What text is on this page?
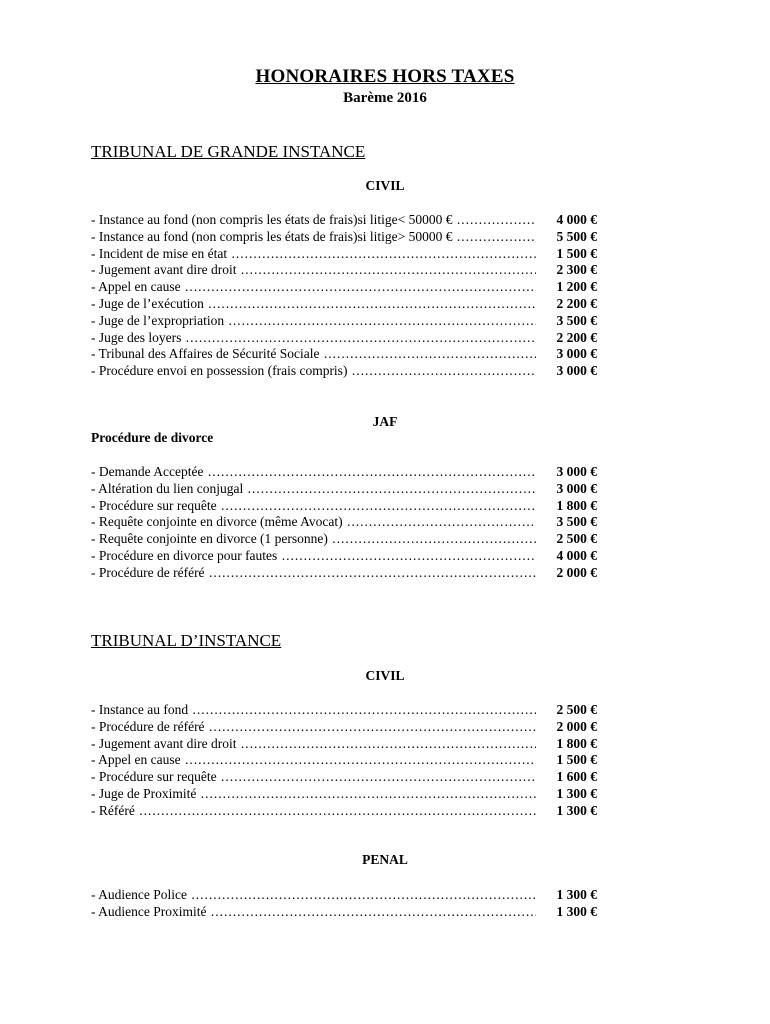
HONORAIRES HORS TAXES
Barème 2016
TRIBUNAL DE GRANDE INSTANCE
CIVIL
- Instance au fond (non compris les états de frais)si litige< 50000 € .....	4 000 €
- Instance au fond (non compris les états de frais)si litige> 50000 € .....	5 500 €
- Incident de mise en état .....	1 500 €
- Jugement avant dire droit .....	2 300 €
- Appel en cause .....	1 200 €
- Juge de l’exécution .....	2 200 €
- Juge de l’expropriation .....	3 500 €
- Juge des loyers .....	2 200 €
- Tribunal des Affaires de Sécurité Sociale .....	3 000 €
- Procédure envoi en possession (frais compris) .....	3 000 €
JAF
Procédure de divorce
- Demande Acceptée .....	3 000 €
- Altération du lien conjugal .....	3 000 €
- Procédure sur requête .....	1 800 €
- Requête conjointe en divorce (même Avocat) .....	3 500 €
- Requête conjointe en divorce (1 personne) .....	2 500 €
- Procédure en divorce pour fautes .....	4 000 €
- Procédure de référé .....	2 000 €
TRIBUNAL D’INSTANCE
CIVIL
- Instance au fond .....	2 500 €
- Procédure de référé .....	2 000 €
- Jugement avant dire droit .....	1 800 €
- Appel en cause .....	1 500 €
- Procédure sur requête .....	1 600 €
- Juge de Proximité .....	1 300 €
- Référé .....	1 300 €
PENAL
- Audience Police .....	1 300 €
- Audience Proximité .....	1 300 €
